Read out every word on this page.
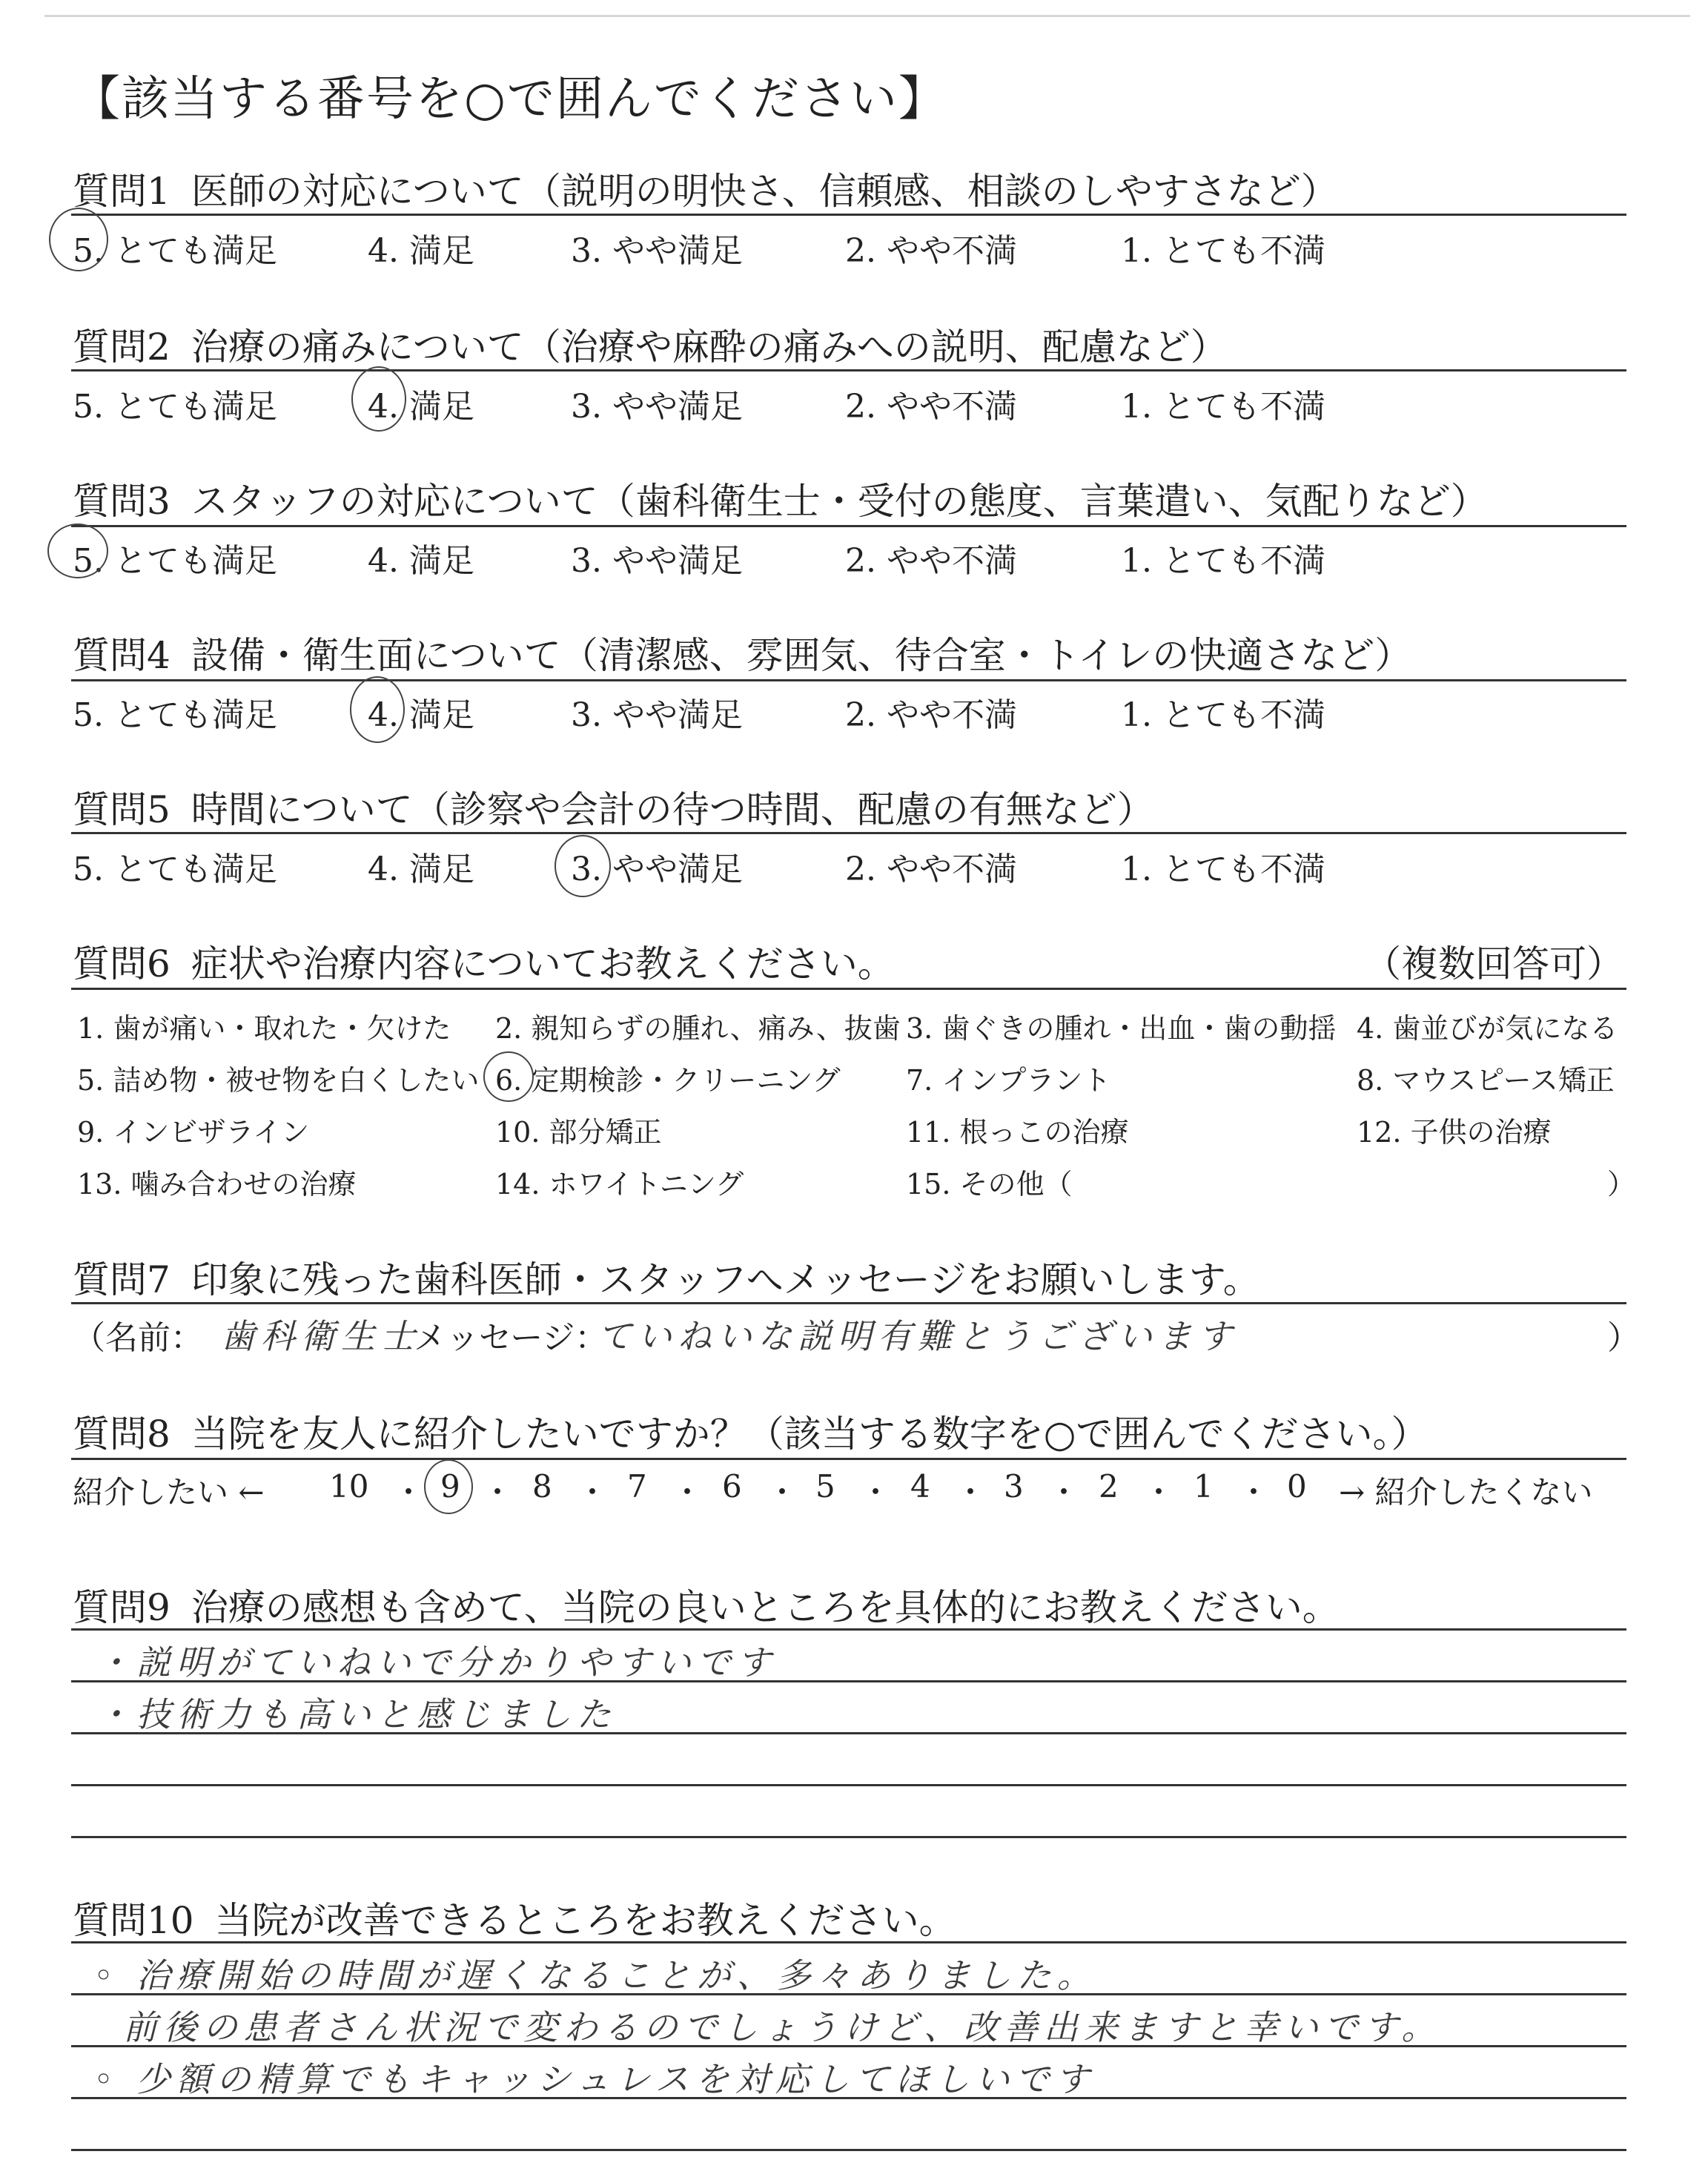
【該当する番号を○で囲んでください】
質問1 医師の対応について（説明の明快さ、信頼感、相談のしやすさなど）
5. とても満足	4. 満足	3. やや満足	2. やや不満	1. とても不満
質問2 治療の痛みについて（治療や麻酔の痛みへの説明、配慮など）
5. とても満足	4. 満足	3. やや満足	2. やや不満	1. とても不満
質問3 スタッフの対応について（歯科衛生士・受付の態度、言葉遣い、気配りなど）
5. とても満足	4. 満足	3. やや満足	2. やや不満	1. とても不満
質問4 設備・衛生面について（清潔感、雰囲気、待合室・トイレの快適さなど）
5. とても満足	4. 満足	3. やや満足	2. やや不満	1. とても不満
質問5 時間について（診察や会計の待つ時間、配慮の有無など）
5. とても満足	4. 満足	3. やや満足	2. やや不満	1. とても不満
質問6 症状や治療内容についてお教えください。	（複数回答可）
1. 歯が痛い・取れた・欠けた 2. 親知らずの腫れ、痛み、抜歯 3. 歯ぐきの腫れ・出血・歯の動揺 4. 歯並びが気になる
5. 詰め物・被せ物を白くしたい 6. 定期検診・クリーニング 7. インプラント	8. マウスピース矯正
9. インビザライン	10. 部分矯正	11. 根っこの治療	12. 子供の治療
13. 噛み合わせの治療	14. ホワイトニング	15. その他（	）
質問7 印象に残った歯科医師・スタッフへメッセージをお願いします。
（名前： 歯科衛生士
メッセージ：
ていねいな説明有難とうございます	）
質問8 当院を友人に紹介したいですか？（該当する数字を○で囲んでください。）
紹介したい ← 10 ・ 9 ・ 8 ・ 7 ・ 6 ・ 5 ・ 4 ・ 3 ・ 2 ・ 1 ・ 0 → 紹介したくない
質問9 治療の感想も含めて、当院の良いところを具体的にお教えください。
・説明がていねいで分かりやすいです
・技術力も高いと感じました
質問10 当院が改善できるところをお教えください。
◦ 治療開始の時間が遅くなることが、多々ありました。
前後の患者さん状況で変わるのでしょうけど、改善出来ますと幸いです。
◦ 少額の精算でもキャッシュレスを対応してほしいです
